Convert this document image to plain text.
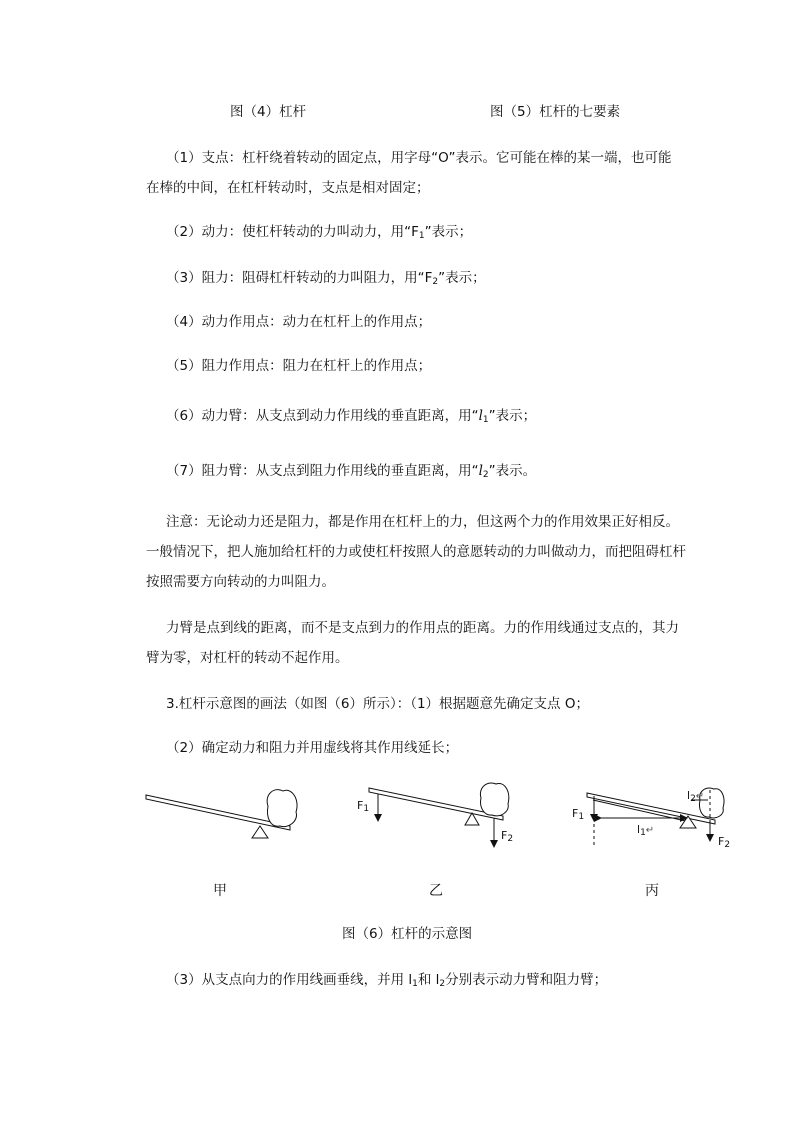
图（4）杠杆	图（5）杠杆的七要素
（1）支点：杠杆绕着转动的固定点，用字母“O”表示。它可能在棒的某一端，也可能
在棒的中间，在杠杆转动时，支点是相对固定；
（2）动力：使杠杆转动的力叫动力，用“$F_1$”表示；
（3）阻力：阻碍杠杆转动的力叫阻力，用“$F_2$”表示；
（4）动力作用点：动力在杠杆上的作用点；
（5）阻力作用点：阻力在杠杆上的作用点；
（6）动力臂：从支点到动力作用线的垂直距离，用“$l_1$”表示；
（7）阻力臂：从支点到阻力作用线的垂直距离，用“$l_2$”表示。
注意：无论动力还是阻力，都是作用在杠杆上的力，但这两个力的作用效果正好相反。
一般情况下，把人施加给杠杆的力或使杠杆按照人的意愿转动的力叫做动力，而把阻碍杠杆
按照需要方向转动的力叫阻力。
力臂是点到线的距离，而不是支点到力的作用点的距离。力的作用线通过支点的，其力
臂为零，对杠杆的转动不起作用。
3.杠杆示意图的画法（如图（6）所示）：（1）根据题意先确定支点 O；
（2）确定动力和阻力并用虚线将其作用线延长；
$F_1$
$F_2$
$F_1$
$l_1↵$
$l_2↵$
$F_2$
甲	乙	丙
图（6）杠杆的示意图
（3）从支点向力的作用线画垂线，并用 $l_1$和 $l_2$分别表示动力臂和阻力臂；
